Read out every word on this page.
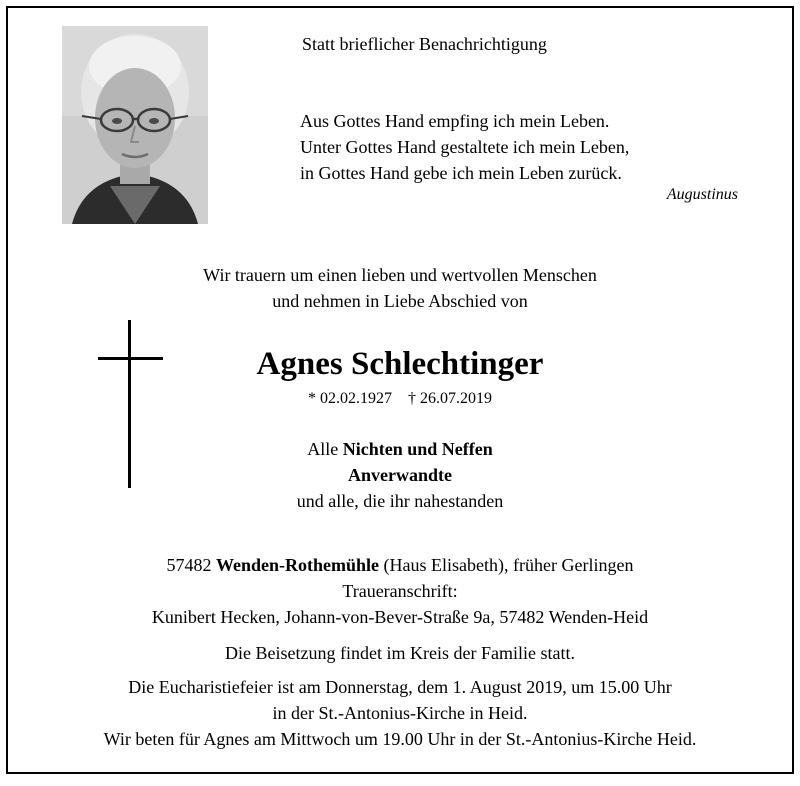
Statt brieflicher Benachrichtigung
Aus Gottes Hand empfing ich mein Leben.
Unter Gottes Hand gestaltete ich mein Leben,
in Gottes Hand gebe ich mein Leben zurück.
Augustinus
Wir trauern um einen lieben und wertvollen Menschen
und nehmen in Liebe Abschied von
Agnes Schlechtinger
* 02.02.1927 † 26.07.2019
Alle Nichten und Neffen
Anverwandte
und alle, die ihr nahestanden
57482 Wenden-Rothemühle (Haus Elisabeth), früher Gerlingen
Traueranschrift:
Kunibert Hecken, Johann-von-Bever-Straße 9a, 57482 Wenden-Heid
Die Beisetzung findet im Kreis der Familie statt.
Die Eucharistiefeier ist am Donnerstag, dem 1. August 2019, um 15.00 Uhr
in der St.-Antonius-Kirche in Heid.
Wir beten für Agnes am Mittwoch um 19.00 Uhr in der St.-Antonius-Kirche Heid.
